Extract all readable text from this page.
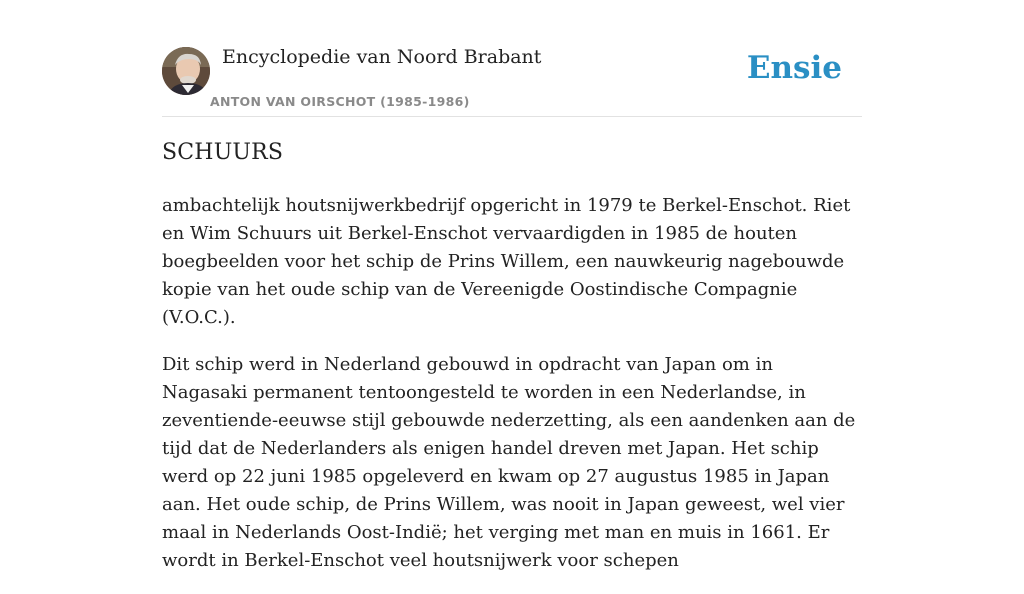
Encyclopedie van Noord Brabant
ANTON VAN OIRSCHOT (1985-1986)
Ensie
SCHUURS

ambachtelijk houtsnijwerkbedrijf opgericht in 1979 te Berkel-Enschot. Riet en Wim Schuurs uit Berkel-Enschot vervaardigden in 1985 de houten boegbeelden voor het schip de Prins Willem, een nauwkeurig nagebouwde kopie van het oude schip van de Vereenigde Oostindische Compagnie (V.O.C.).

Dit schip werd in Nederland gebouwd in opdracht van Japan om in Nagasaki permanent tentoongesteld te worden in een Nederlandse, in zeventiende-eeuwse stijl gebouwde nederzetting, als een aandenken aan de tijd dat de Nederlanders als enigen handel dreven met Japan. Het schip werd op 22 juni 1985 opgeleverd en kwam op 27 augustus 1985 in Japan aan. Het oude schip, de Prins Willem, was nooit in Japan geweest, wel vier maal in Nederlands Oost-Indië; het verging met man en muis in 1661. Er wordt in Berkel-Enschot veel houtsnijwerk voor schepen
